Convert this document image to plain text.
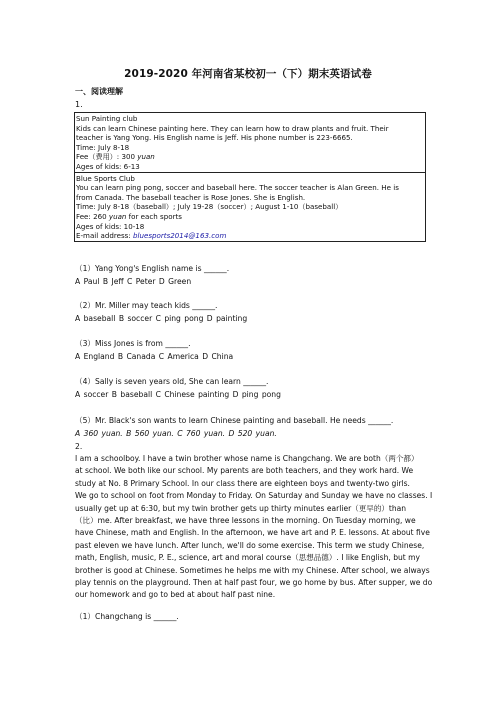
2019-2020 年河南省某校初一（下）期末英语试卷
一、阅读理解
1.
Sun Painting club
Kids can learn Chinese painting here. They can learn how to draw plants and fruit. Their
teacher is Yang Yong. His English name is Jeff. His phone number is 223-6665.
Time: July 8-18
Fee（费用）: 300 yuan
Ages of kids: 6-13
Blue Sports Club
You can learn ping pong, soccer and baseball here. The soccer teacher is Alan Green. He is
from Canada. The baseball teacher is Rose Jones. She is English.
Time: July 8-18（baseball）; July 19-28（soccer）; August 1-10（baseball）
Fee: 260 yuan for each sports
Ages of kids: 10-18
E-mail address: bluesports2014@163.com
（1）Yang Yong's English name is ______.
A Paul B Jeff C Peter D Green
（2）Mr. Miller may teach kids ______.
A baseball B soccer C ping pong D painting
（3）Miss Jones is from ______.
A England B Canada C America D China
（4）Sally is seven years old, She can learn ______.
A soccer B baseball C Chinese painting D ping pong
（5）Mr. Black's son wants to learn Chinese painting and baseball. He needs ______.
A 360 yuan. B 560 yuan. C 760 yuan. D 520 yuan.
2.
I am a schoolboy. I have a twin brother whose name is Changchang. We are both（两个都）
at school. We both like our school. My parents are both teachers, and they work hard. We
study at No. 8 Primary School. In our class there are eighteen boys and twenty-two girls.
We go to school on foot from Monday to Friday. On Saturday and Sunday we have no classes. I
usually get up at 6:30, but my twin brother gets up thirty minutes earlier（更早的）than
（比）me. After breakfast, we have three lessons in the morning. On Tuesday morning, we
have Chinese, math and English. In the afternoon, we have art and P. E. lessons. At about five
past eleven we have lunch. After lunch, we'll do some exercise. This term we study Chinese,
math, English, music, P. E., science, art and moral course（思想品德）. I like English, but my
brother is good at Chinese. Sometimes he helps me with my Chinese. After school, we always
play tennis on the playground. Then at half past four, we go home by bus. After supper, we do
our homework and go to bed at about half past nine.
（1）Changchang is ______.
